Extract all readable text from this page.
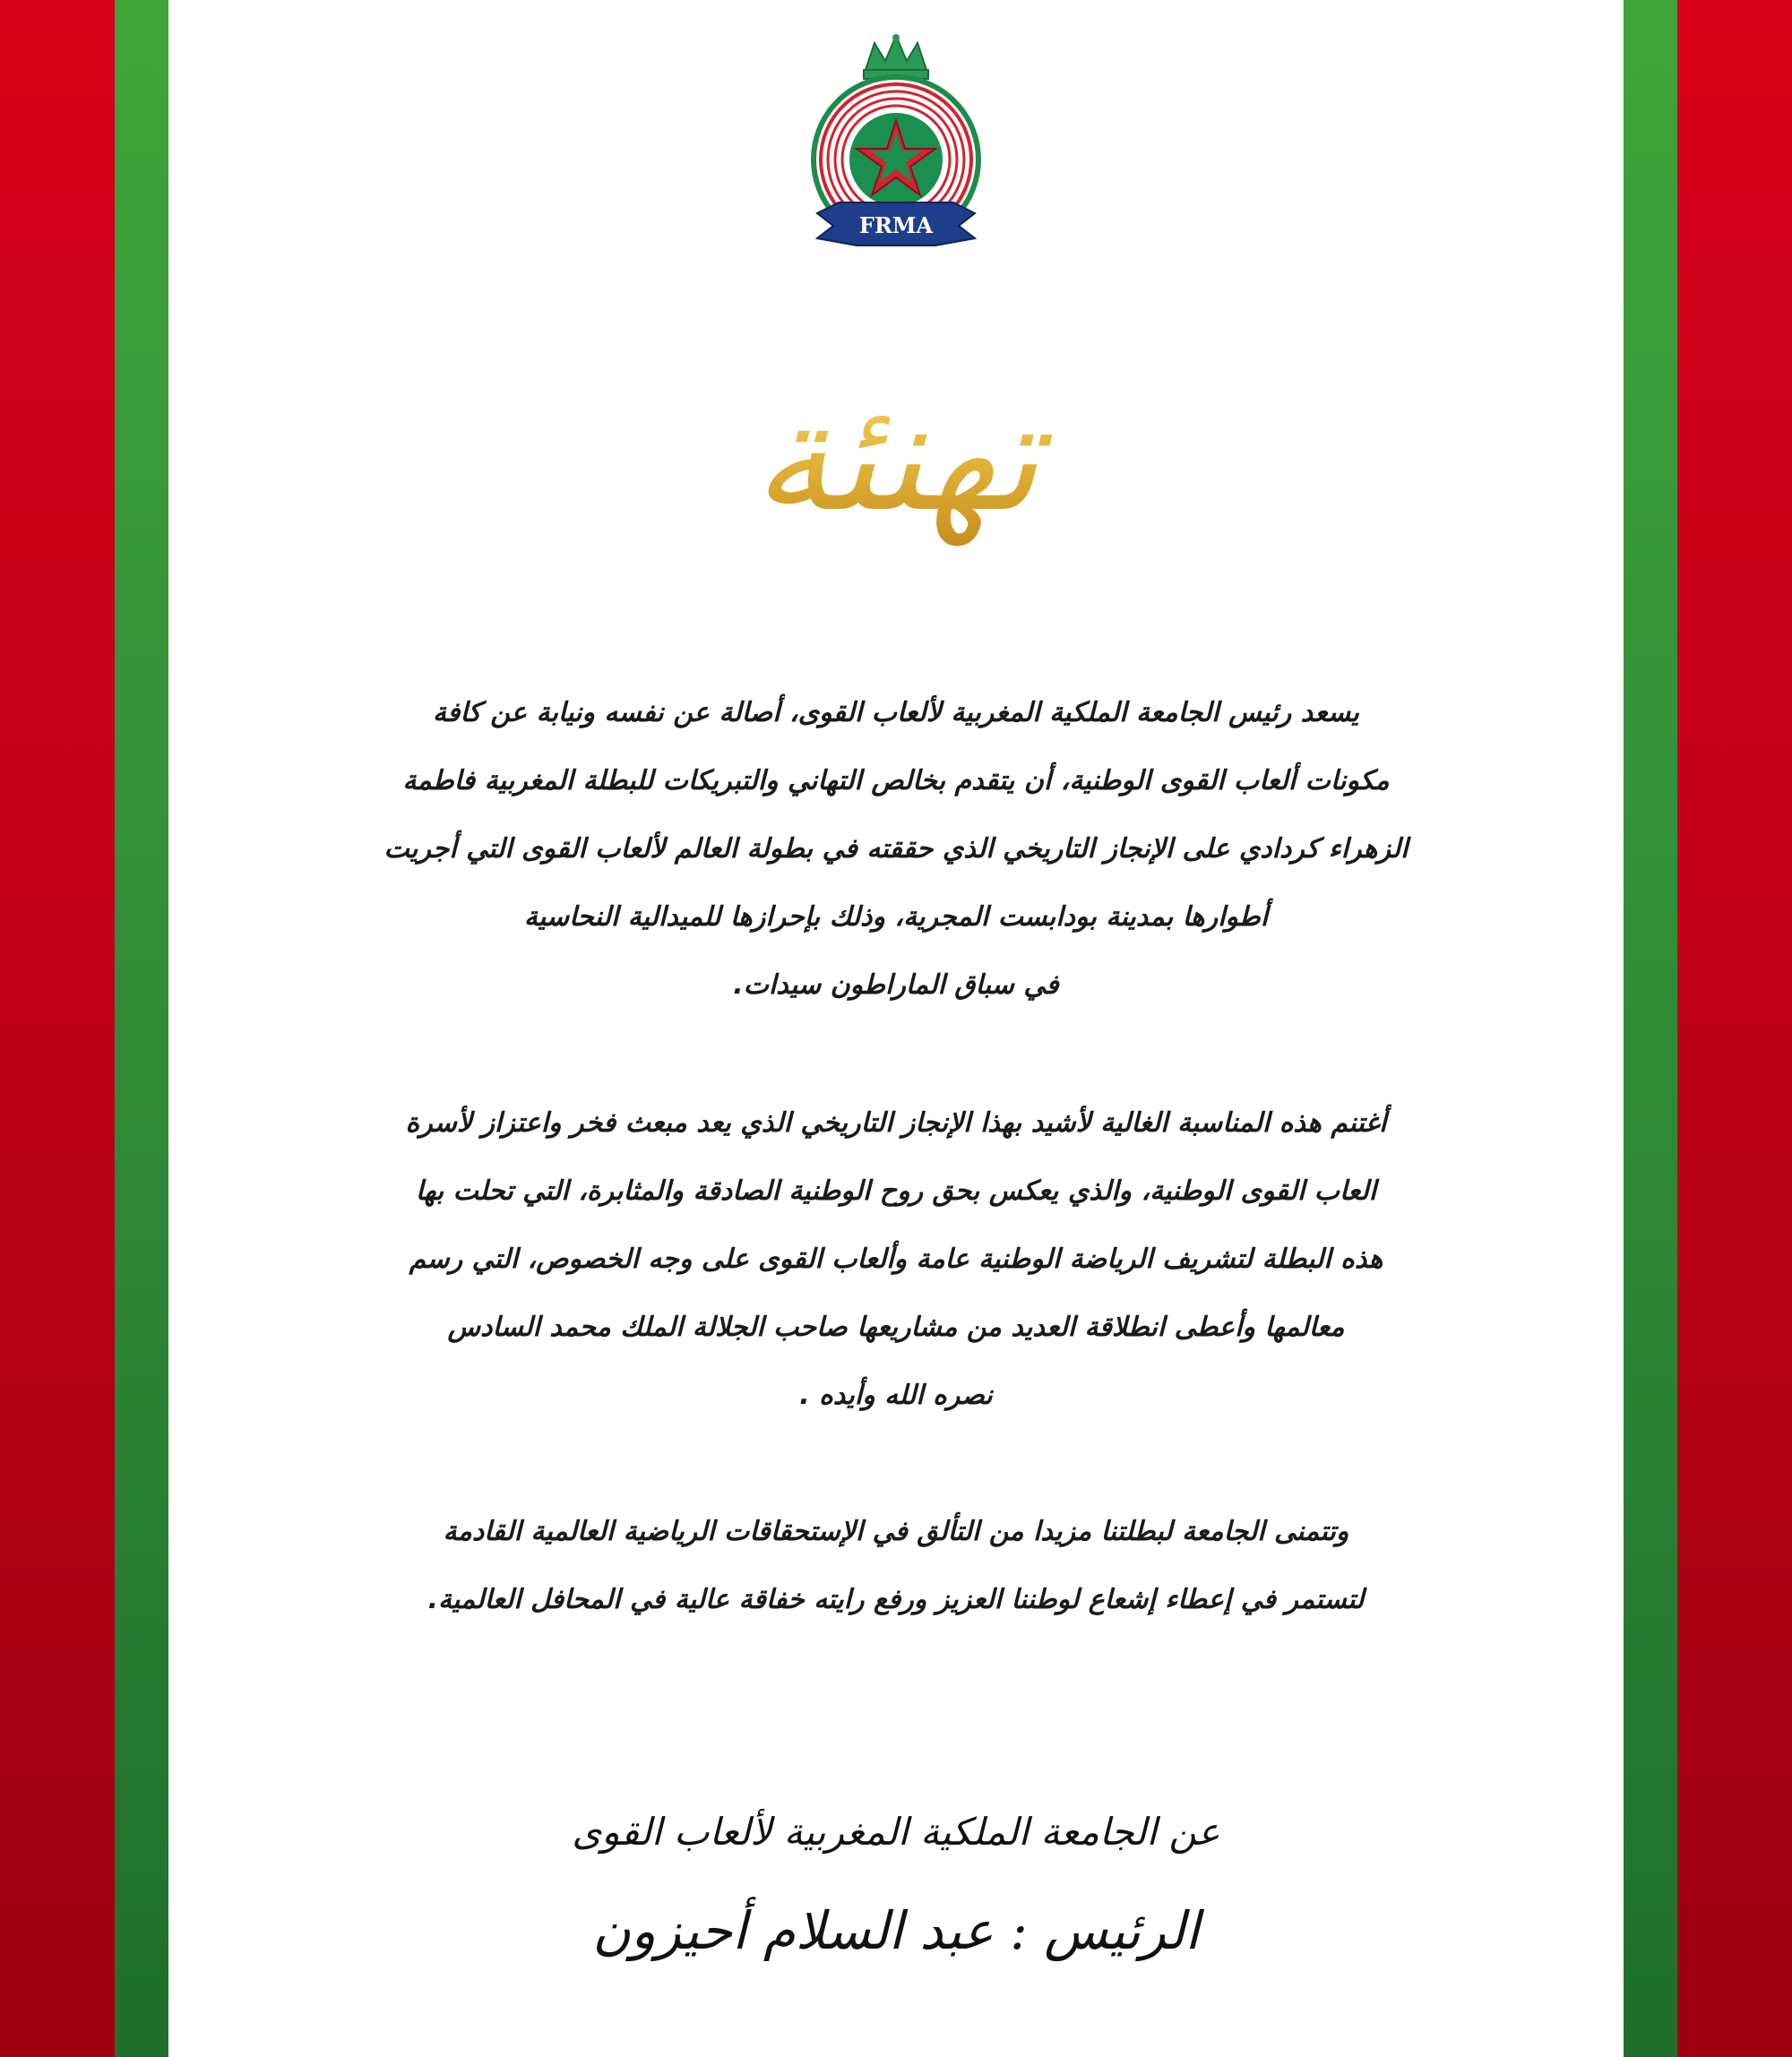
FRMA
تهنئة
يسعد رئيس الجامعة الملكية المغربية لألعاب القوى، أصالة عن نفسه ونيابة عن كافة
مكونات ألعاب القوى الوطنية، أن يتقدم بخالص التهاني والتبريكات للبطلة المغربية فاطمة
الزهراء كردادي على الإنجاز التاريخي الذي حققته في بطولة العالم لألعاب القوى التي أجريت
أطوارها بمدينة بودابست المجرية، وذلك بإحرازها للميدالية النحاسية
في سباق الماراطون سيدات.
أغتنم هذه المناسبة الغالية لأشيد بهذا الإنجاز التاريخي الذي يعد مبعث فخر واعتزاز لأسرة
العاب القوى الوطنية، والذي يعكس بحق روح الوطنية الصادقة والمثابرة، التي تحلت بها
هذه البطلة لتشريف الرياضة الوطنية عامة وألعاب القوى على وجه الخصوص، التي رسم
معالمها وأعطى انطلاقة العديد من مشاريعها صاحب الجلالة الملك محمد السادس
نصره الله وأيده .
وتتمنى الجامعة لبطلتنا مزيدا من التألق في الإستحقاقات الرياضية العالمية القادمة
لتستمر في إعطاء إشعاع لوطننا العزيز ورفع رايته خفاقة عالية في المحافل العالمية.
عن الجامعة الملكية المغربية لألعاب القوى
الرئيس : عبد السلام أحيزون
